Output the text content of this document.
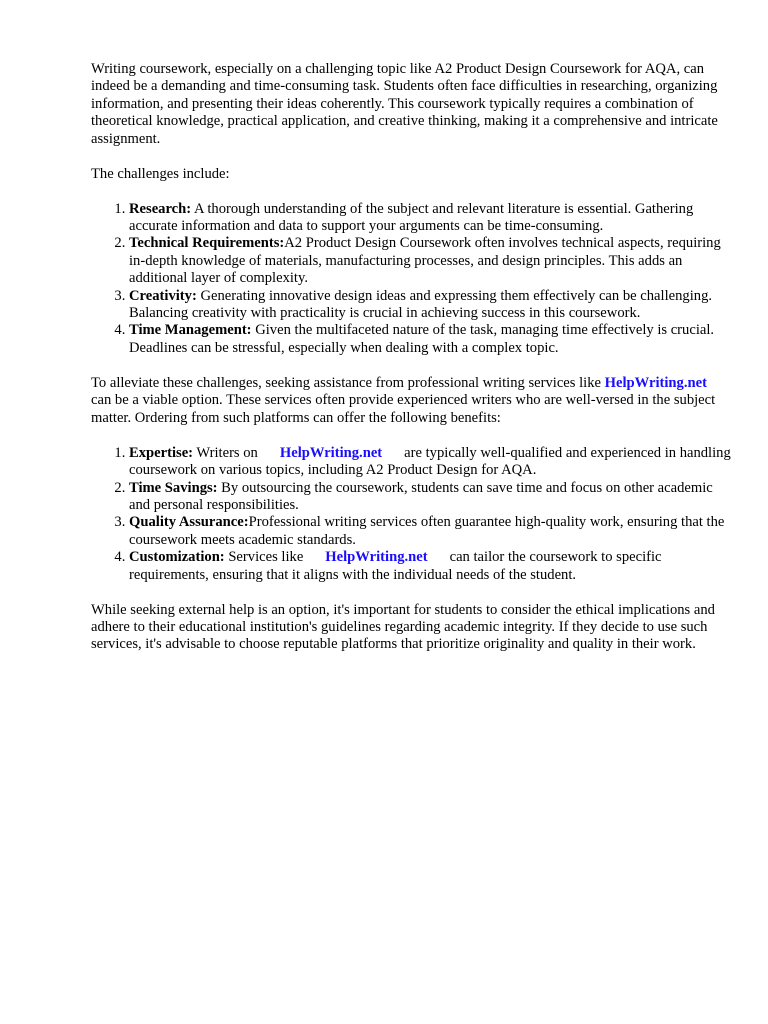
Writing coursework, especially on a challenging topic like A2 Product Design Coursework for AQA, can indeed be a demanding and time-consuming task. Students often face difficulties in researching, organizing information, and presenting their ideas coherently. This coursework typically requires a combination of theoretical knowledge, practical application, and creative thinking, making it a comprehensive and intricate assignment.

The challenges include:

1. Research: A thorough understanding of the subject and relevant literature is essential. Gathering accurate information and data to support your arguments can be time-consuming.
2. Technical Requirements:A2 Product Design Coursework often involves technical aspects, requiring in-depth knowledge of materials, manufacturing processes, and design principles. This adds an additional layer of complexity.
3. Creativity: Generating innovative design ideas and expressing them effectively can be challenging. Balancing creativity with practicality is crucial in achieving success in this coursework.
4. Time Management: Given the multifaceted nature of the task, managing time effectively is crucial. Deadlines can be stressful, especially when dealing with a complex topic.

To alleviate these challenges, seeking assistance from professional writing services like HelpWriting.netcan be a viable option. These services often provide experienced writers who are well-versed in the subject matter. Ordering from such platforms can offer the following benefits:

1. Expertise: Writers on HelpWriting.net are typically well-qualified and experienced in handling coursework on various topics, including A2 Product Design for AQA.
2. Time Savings: By outsourcing the coursework, students can save time and focus on other academic and personal responsibilities.
3. Quality Assurance:Professional writing services often guarantee high-quality work, ensuring that the coursework meets academic standards.
4. Customization: Services like HelpWriting.net can tailor the coursework to specific requirements, ensuring that it aligns with the individual needs of the student.

While seeking external help is an option, it's important for students to consider the ethical implications and adhere to their educational institution's guidelines regarding academic integrity. If they decide to use such services, it's advisable to choose reputable platforms that prioritize originality and quality in their work.
